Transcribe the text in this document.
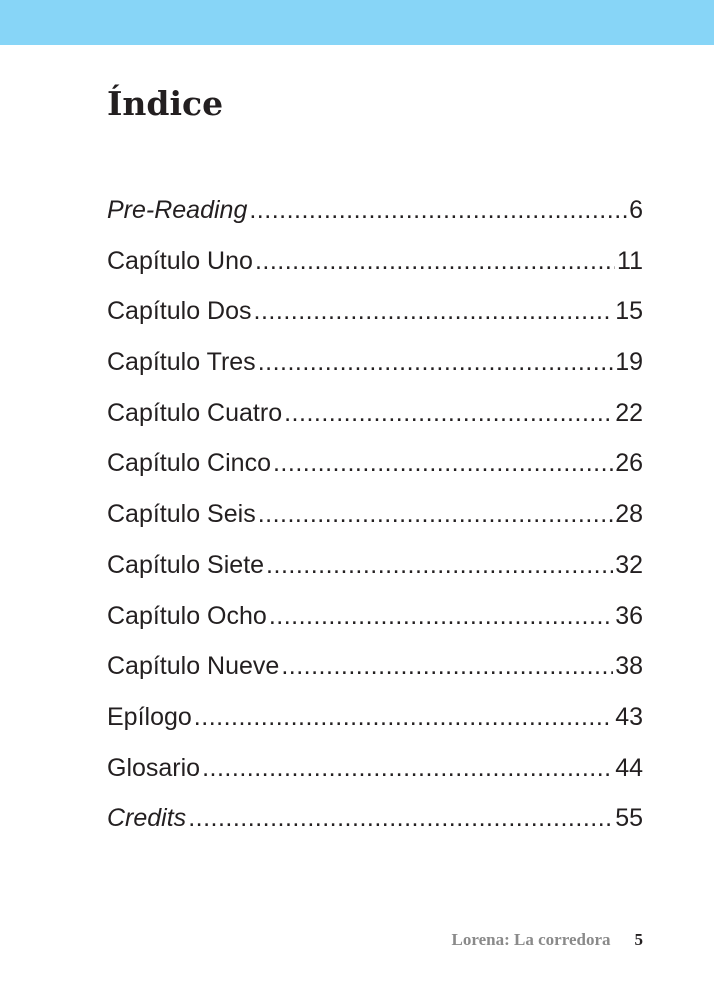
Índice
Pre-Reading .....	6
Capítulo Uno .....	11
Capítulo Dos .....	15
Capítulo Tres .....	19
Capítulo Cuatro .....	22
Capítulo Cinco .....	26
Capítulo Seis .....	28
Capítulo Siete .....	32
Capítulo Ocho .....	36
Capítulo Nueve .....	38
Epílogo .....	43
Glosario .....	44
Credits .....	55
Lorena: La corredora 5
